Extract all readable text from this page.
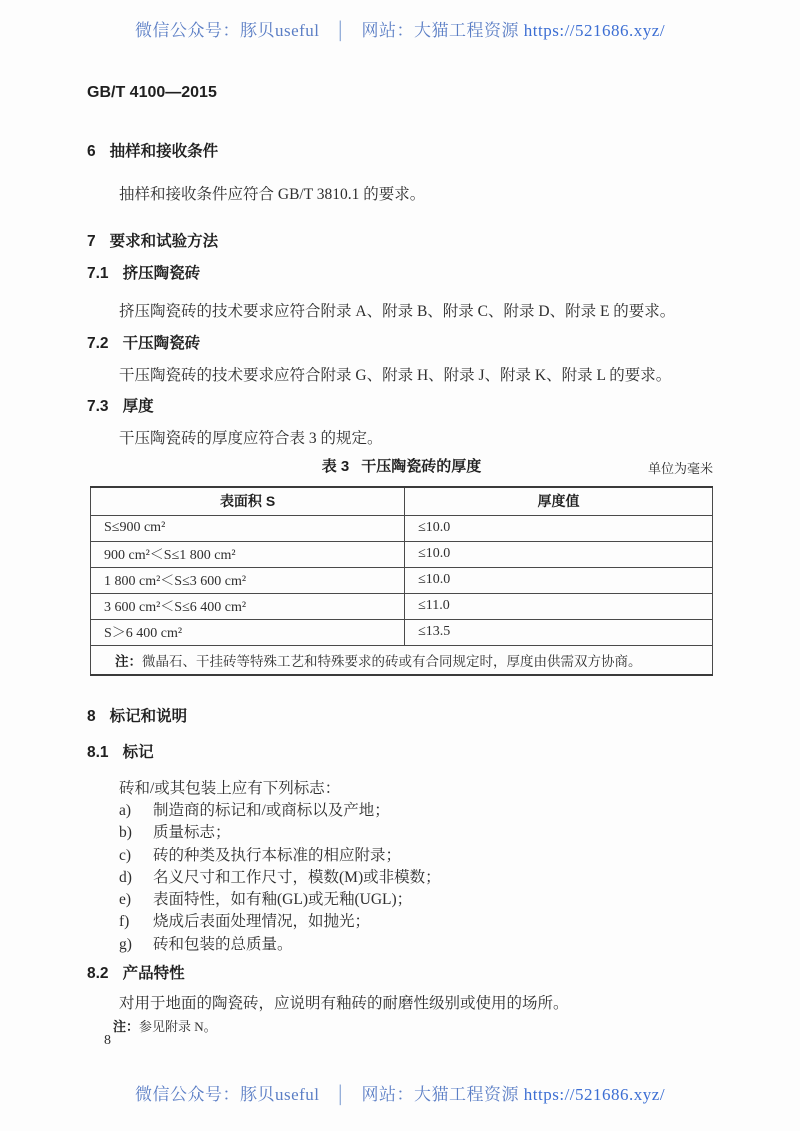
微信公众号：豚贝useful │ 网站：大猫工程资源 https://521686.xyz/
GB/T 4100—2015
6 抽样和接收条件
抽样和接收条件应符合 GB/T 3810.1 的要求。
7 要求和试验方法
7.1 挤压陶瓷砖
挤压陶瓷砖的技术要求应符合附录 A、附录 B、附录 C、附录 D、附录 E 的要求。
7.2 干压陶瓷砖
干压陶瓷砖的技术要求应符合附录 G、附录 H、附录 J、附录 K、附录 L 的要求。
7.3 厚度
干压陶瓷砖的厚度应符合表 3 的规定。
表 3 干压陶瓷砖的厚度	单位为毫米
表面积 S	厚度值
S≤900 cm²	≤10.0
900 cm²＜S≤1 800 cm²	≤10.0
1 800 cm²＜S≤3 600 cm²	≤10.0
3 600 cm²＜S≤6 400 cm²	≤11.0
S＞6 400 cm²	≤13.5
注：微晶石、干挂砖等特殊工艺和特殊要求的砖或有合同规定时，厚度由供需双方协商。	
8 标记和说明
8.1 标记
砖和/或其包装上应有下列标志：
a)	制造商的标记和/或商标以及产地；
b)	质量标志；
c)	砖的种类及执行本标准的相应附录；
d)	名义尺寸和工作尺寸，模数(M)或非模数；
e)	表面特性，如有釉(GL)或无釉(UGL)；
f)	烧成后表面处理情况，如抛光；
g)	砖和包装的总质量。
8.2 产品特性
对用于地面的陶瓷砖，应说明有釉砖的耐磨性级别或使用的场所。
注：参见附录 N。
8
微信公众号：豚贝useful │ 网站：大猫工程资源 https://521686.xyz/
